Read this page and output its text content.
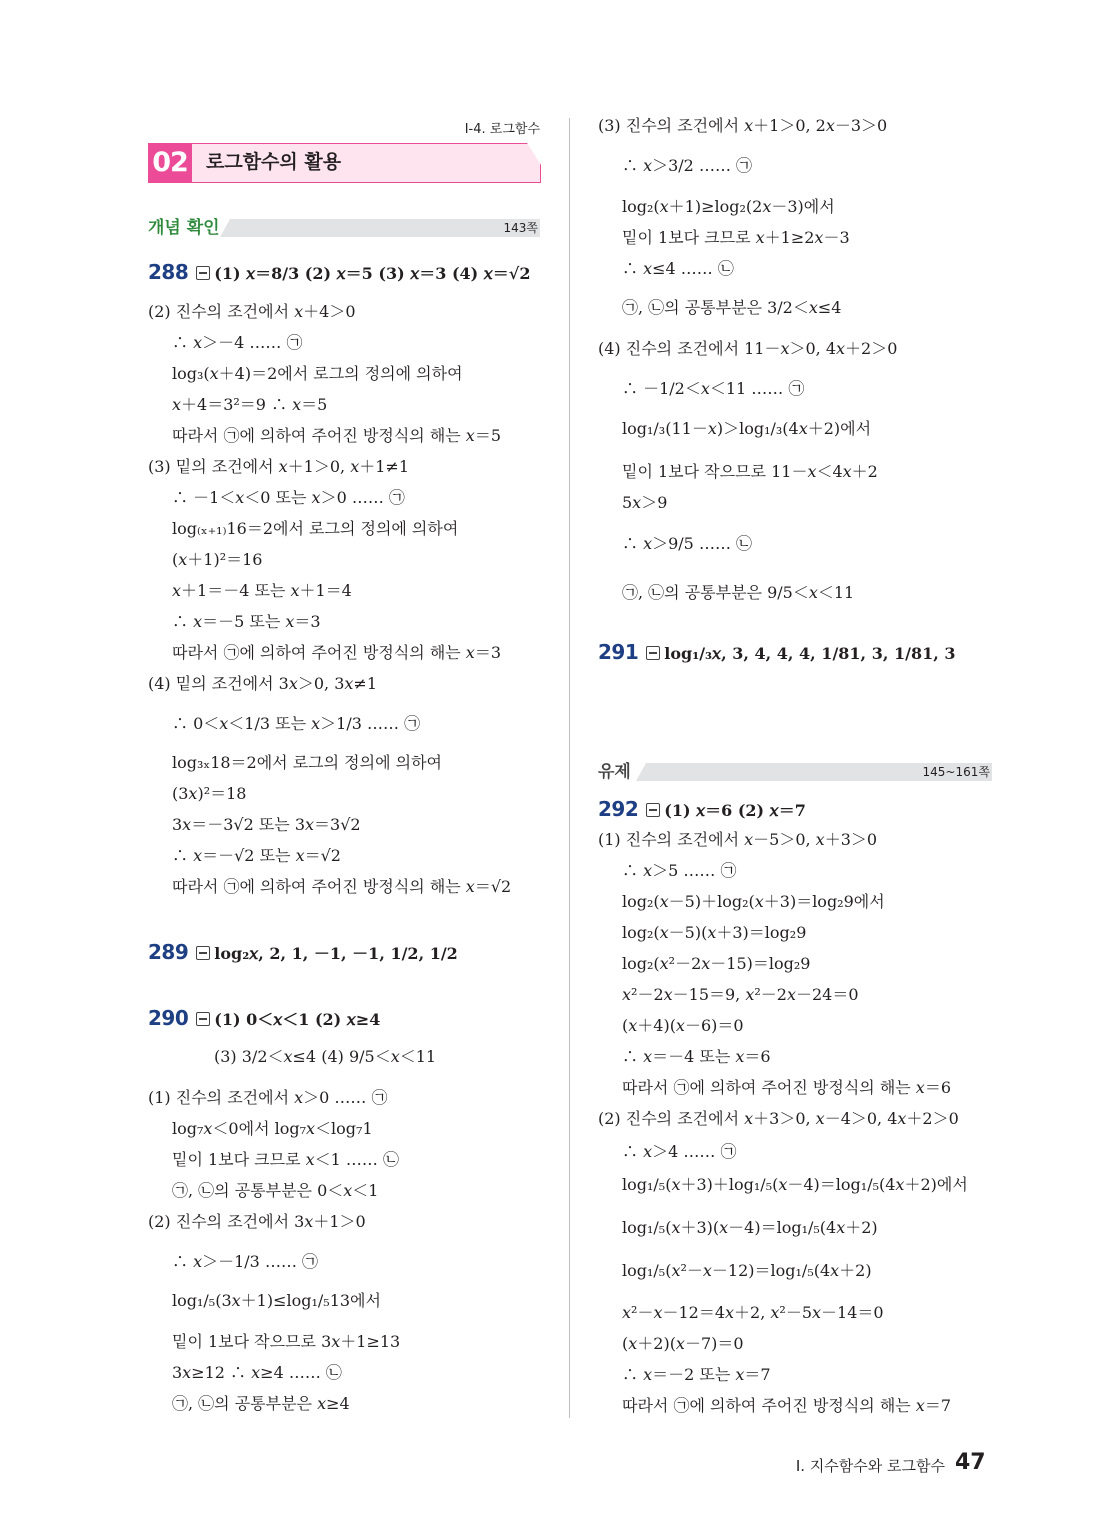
I-4. 로그함수
02 로그함수의 활용
개념 확인	143쪽
유제	145~161쪽
I. 지수함수와 로그함수 47
288 (1) 𝑥＝8/3 (2) 𝑥＝5 (3) 𝑥＝3 (4) 𝑥＝√2
(2) 진수의 조건에서 𝑥＋4＞0
∴ 𝑥＞－4 …… ㉠
log₃(𝑥＋4)＝2에서 로그의 정의에 의하여
𝑥＋4＝3²＝9 ∴ 𝑥＝5
따라서 ㉠에 의하여 주어진 방정식의 해는 𝑥＝5
(3) 밑의 조건에서 𝑥＋1＞0, 𝑥＋1≠1
∴ －1＜𝑥＜0 또는 𝑥＞0 …… ㉠
log₍ₓ₊₁₎16＝2에서 로그의 정의에 의하여
(𝑥＋1)²＝16
𝑥＋1＝－4 또는 𝑥＋1＝4
∴ 𝑥＝－5 또는 𝑥＝3
따라서 ㉠에 의하여 주어진 방정식의 해는 𝑥＝3
(4) 밑의 조건에서 3𝑥＞0, 3𝑥≠1
∴ 0＜𝑥＜1/3 또는 𝑥＞1/3 …… ㉠
log₃ₓ18＝2에서 로그의 정의에 의하여
(3𝑥)²＝18
3𝑥＝－3√2 또는 3𝑥＝3√2
∴ 𝑥＝－√2 또는 𝑥＝√2
따라서 ㉠에 의하여 주어진 방정식의 해는 𝑥＝√2
289 log₂𝑥, 2, 1, －1, －1, 1/2, 1/2
290 (1) 0＜𝑥＜1 (2) 𝑥≥4
(3) 3/2＜𝑥≤4 (4) 9/5＜𝑥＜11
(1) 진수의 조건에서 𝑥＞0 …… ㉠
log₇𝑥＜0에서 log₇𝑥＜log₇1
밑이 1보다 크므로 𝑥＜1 …… ㉡
㉠, ㉡의 공통부분은 0＜𝑥＜1
(2) 진수의 조건에서 3𝑥＋1＞0
∴ 𝑥＞－1/3 …… ㉠
log₁/₅(3𝑥＋1)≤log₁/₅13에서
밑이 1보다 작으므로 3𝑥＋1≥13
3𝑥≥12 ∴ 𝑥≥4 …… ㉡
㉠, ㉡의 공통부분은 𝑥≥4
(3) 진수의 조건에서 𝑥＋1＞0, 2𝑥－3＞0
∴ 𝑥＞3/2 …… ㉠
log₂(𝑥＋1)≥log₂(2𝑥－3)에서
밑이 1보다 크므로 𝑥＋1≥2𝑥－3
∴ 𝑥≤4 …… ㉡
㉠, ㉡의 공통부분은 3/2＜𝑥≤4
(4) 진수의 조건에서 11－𝑥＞0, 4𝑥＋2＞0
∴ －1/2＜𝑥＜11 …… ㉠
log₁/₃(11－𝑥)＞log₁/₃(4𝑥＋2)에서
밑이 1보다 작으므로 11－𝑥＜4𝑥＋2
5𝑥＞9
∴ 𝑥＞9/5 …… ㉡
㉠, ㉡의 공통부분은 9/5＜𝑥＜11
291 log₁/₃𝑥, 3, 4, 4, 4, 1/81, 3, 1/81, 3
292 (1) 𝑥＝6 (2) 𝑥＝7
(1) 진수의 조건에서 𝑥－5＞0, 𝑥＋3＞0
∴ 𝑥＞5 …… ㉠
log₂(𝑥－5)＋log₂(𝑥＋3)＝log₂9에서
log₂(𝑥－5)(𝑥＋3)＝log₂9
log₂(𝑥²－2𝑥－15)＝log₂9
𝑥²－2𝑥－15＝9, 𝑥²－2𝑥－24＝0
(𝑥＋4)(𝑥－6)＝0
∴ 𝑥＝－4 또는 𝑥＝6
따라서 ㉠에 의하여 주어진 방정식의 해는 𝑥＝6
(2) 진수의 조건에서 𝑥＋3＞0, 𝑥－4＞0, 4𝑥＋2＞0
∴ 𝑥＞4 …… ㉠
log₁/₅(𝑥＋3)＋log₁/₅(𝑥－4)＝log₁/₅(4𝑥＋2)에서
log₁/₅(𝑥＋3)(𝑥－4)＝log₁/₅(4𝑥＋2)
log₁/₅(𝑥²－𝑥－12)＝log₁/₅(4𝑥＋2)
𝑥²－𝑥－12＝4𝑥＋2, 𝑥²－5𝑥－14＝0
(𝑥＋2)(𝑥－7)＝0
∴ 𝑥＝－2 또는 𝑥＝7
따라서 ㉠에 의하여 주어진 방정식의 해는 𝑥＝7
